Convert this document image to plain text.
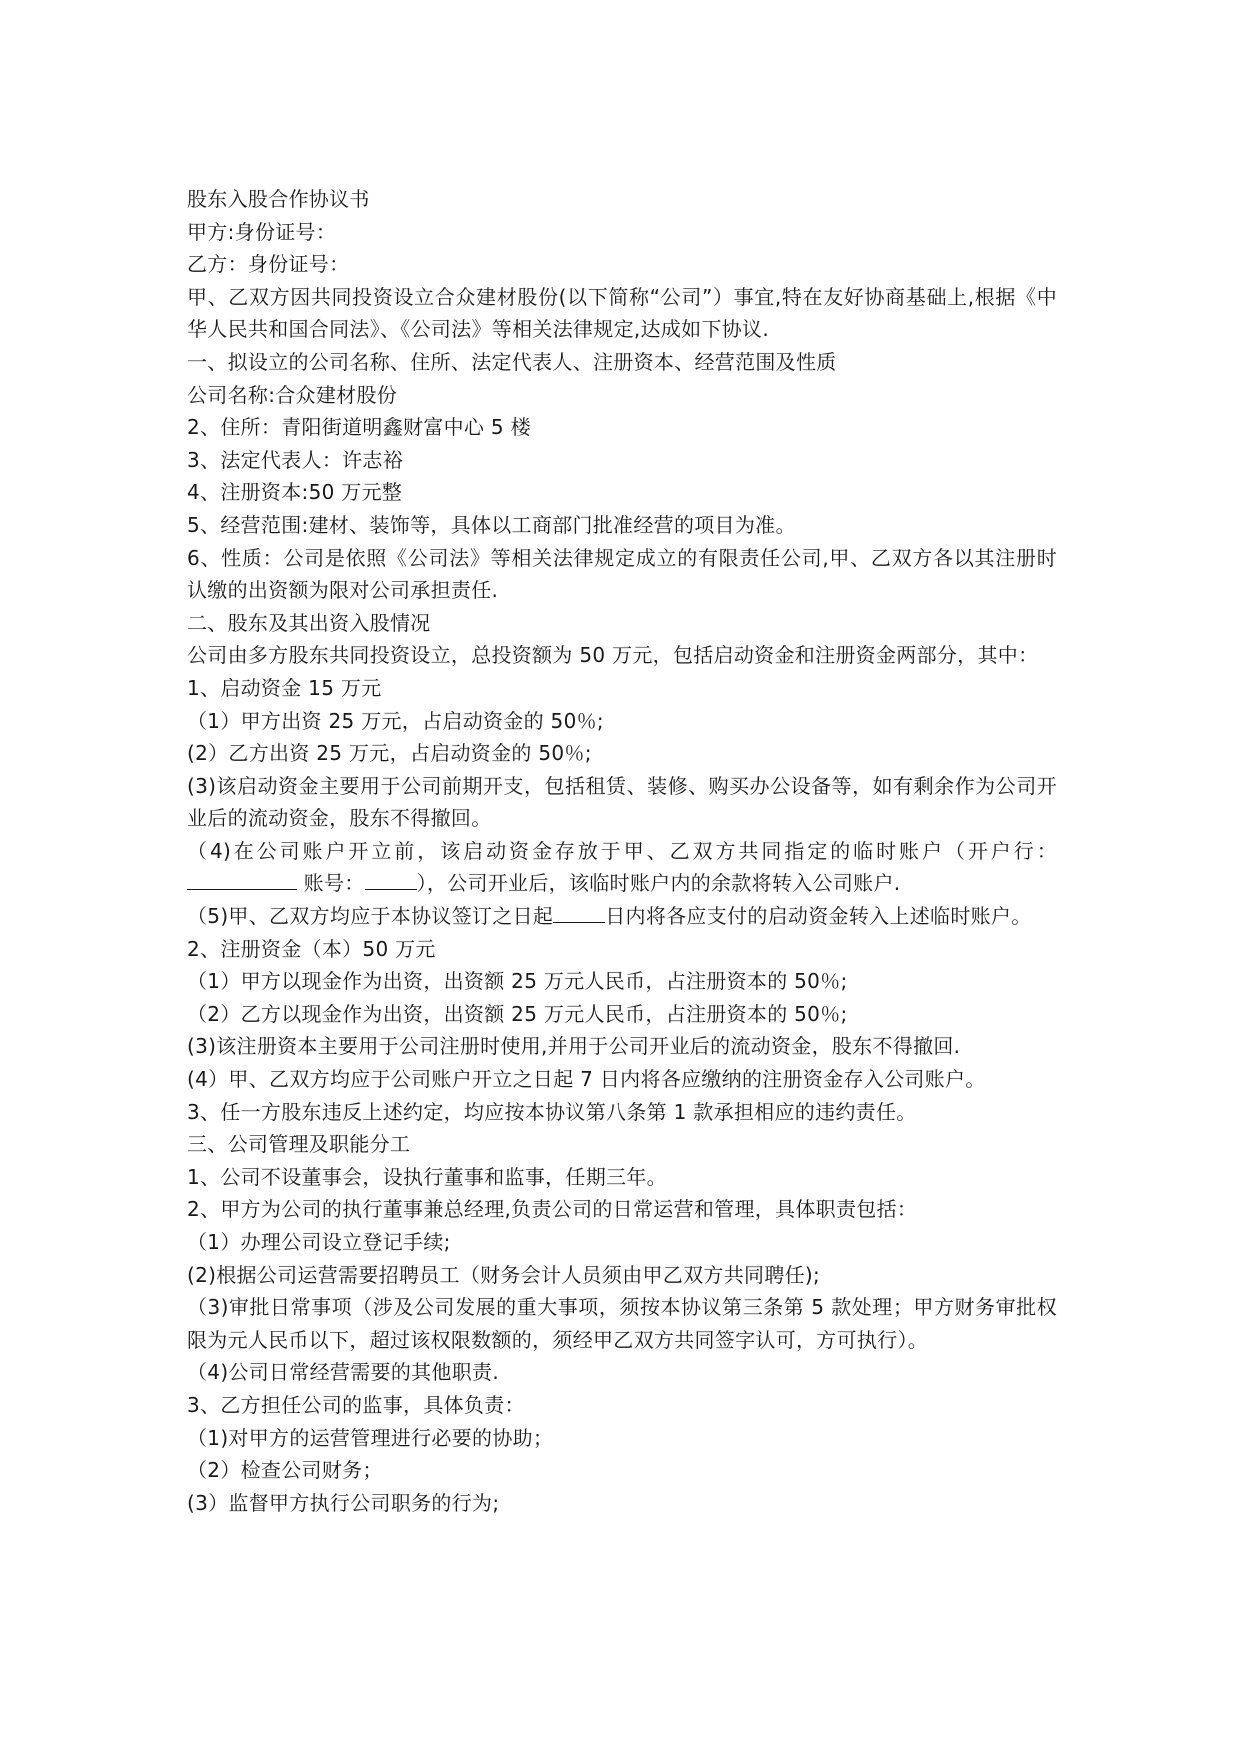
股东入股合作协议书

甲方:身份证号：

乙方：身份证号：

甲、乙双方因共同投资设立合众建材股份(以下简称“公司”）事宜,特在友好协商基础上,根据《中华人民共和国合同法》、《公司法》等相关法律规定,达成如下协议.

一、拟设立的公司名称、住所、法定代表人、注册资本、经营范围及性质

公司名称:合众建材股份

2、住所：青阳街道明鑫财富中心 5 楼

3、法定代表人：许志裕

4、注册资本:50 万元整

5、经营范围:建材、装饰等，具体以工商部门批准经营的项目为准。

6、性质：公司是依照《公司法》等相关法律规定成立的有限责任公司,甲、乙双方各以其注册时认缴的出资额为限对公司承担责任.

二、股东及其出资入股情况

公司由多方股东共同投资设立，总投资额为 50 万元，包括启动资金和注册资金两部分，其中：

1、启动资金 15 万元

（1）甲方出资 25 万元，占启动资金的 50％;

(2）乙方出资 25 万元，占启动资金的 50％;

(3)该启动资金主要用于公司前期开支，包括租赁、装修、购买办公设备等，如有剩余作为公司开业后的流动资金，股东不得撤回。

（4)在公司账户开立前，该启动资金存放于甲、乙双方共同指定的临时账户（开户行： 账号：	），公司开业后，该临时账户内的余款将转入公司账户.

（5)甲、乙双方均应于本协议签订之日起	日内将各应支付的启动资金转入上述临时账户。

2、注册资金（本）50 万元

（1）甲方以现金作为出资，出资额 25 万元人民币，占注册资本的 50％;

（2）乙方以现金作为出资，出资额 25 万元人民币，占注册资本的 50％;

(3)该注册资本主要用于公司注册时使用,并用于公司开业后的流动资金，股东不得撤回.

(4）甲、乙双方均应于公司账户开立之日起 7 日内将各应缴纳的注册资金存入公司账户。

3、任一方股东违反上述约定，均应按本协议第八条第 1 款承担相应的违约责任。

三、公司管理及职能分工

1、公司不设董事会，设执行董事和监事，任期三年。

2、甲方为公司的执行董事兼总经理,负责公司的日常运营和管理，具体职责包括：

（1）办理公司设立登记手续;

(2)根据公司运营需要招聘员工（财务会计人员须由甲乙双方共同聘任);

（3)审批日常事项（涉及公司发展的重大事项，须按本协议第三条第 5 款处理；甲方财务审批权限为元人民币以下，超过该权限数额的，须经甲乙双方共同签字认可，方可执行）。

（4)公司日常经营需要的其他职责.

3、乙方担任公司的监事，具体负责：

（1)对甲方的运营管理进行必要的协助；

（2）检查公司财务；

(3）监督甲方执行公司职务的行为;
